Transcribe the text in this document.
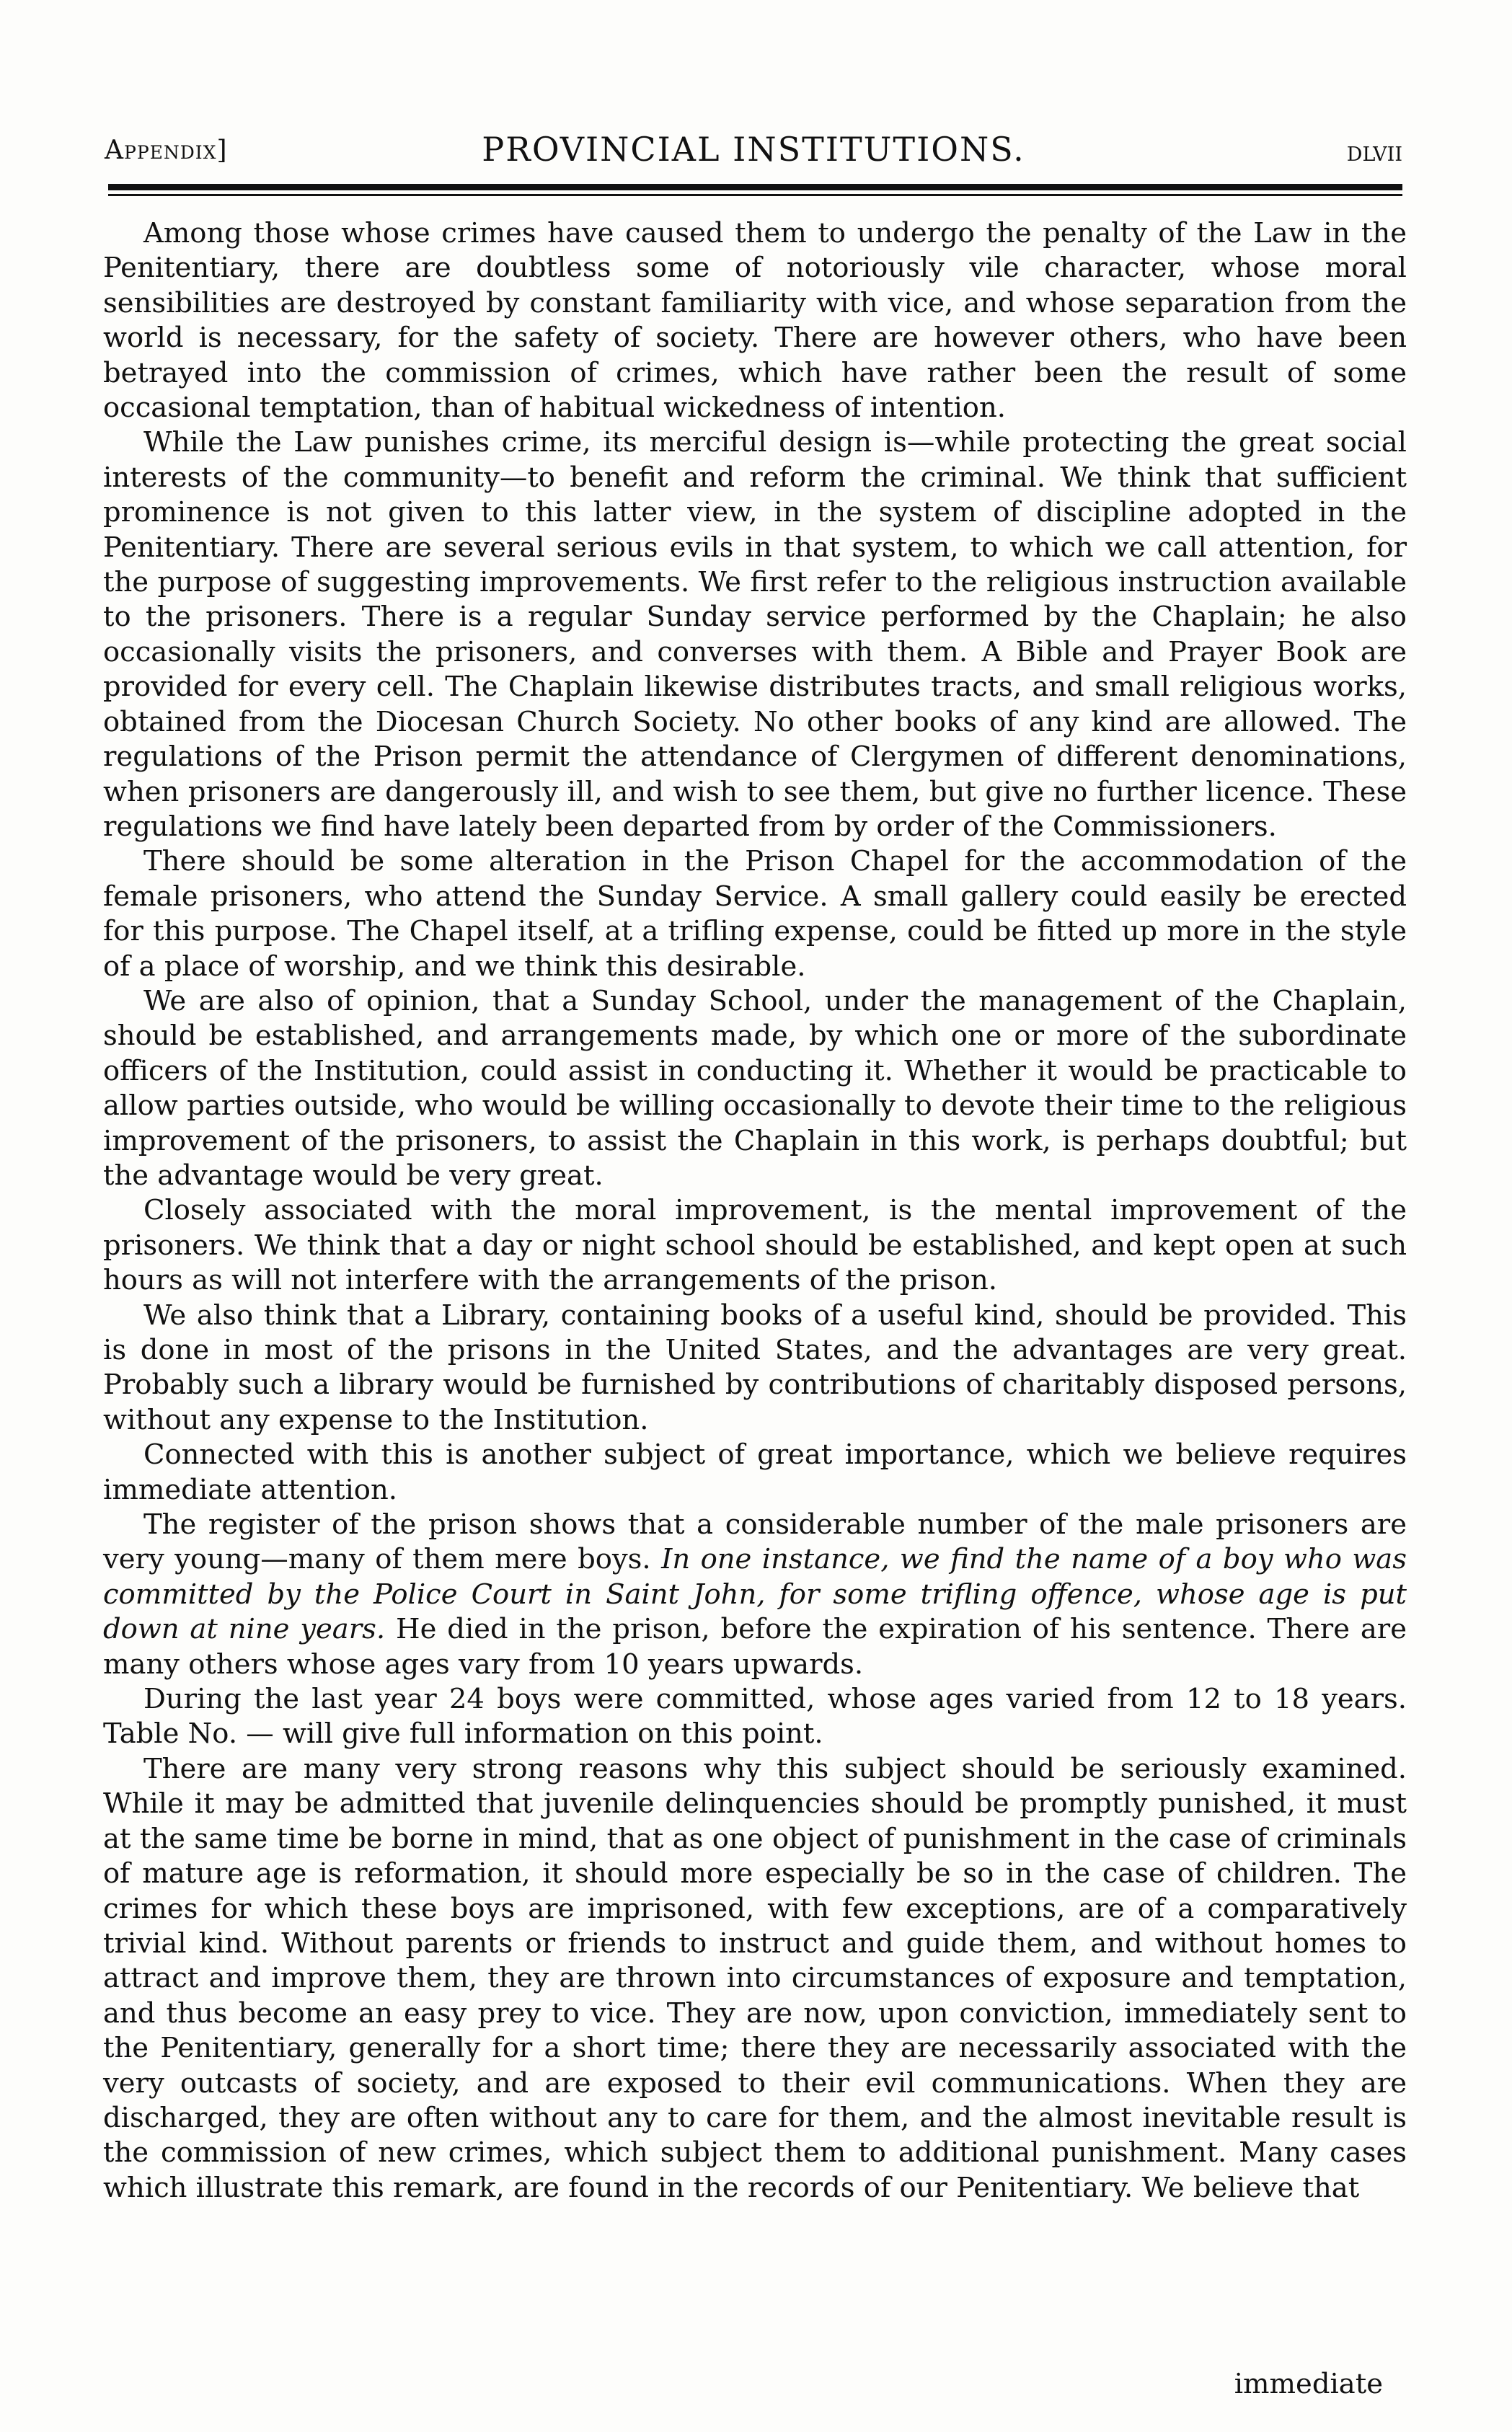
Appendix]	PROVINCIAL INSTITUTIONS.	dlvii

Among those whose crimes have caused them to undergo the penalty of the Law in the Penitentiary, there are doubtless some of notoriously vile character, whose moral sensibilities are destroyed by constant familiarity with vice, and whose separation from the world is necessary, for the safety of society. There are however others, who have been betrayed into the commission of crimes, which have rather been the result of some occasional temptation, than of habitual wickedness of intention.

While the Law punishes crime, its merciful design is—while protecting the great social interests of the community—to benefit and reform the criminal. We think that sufficient prominence is not given to this latter view, in the system of discipline adopted in the Penitentiary. There are several serious evils in that system, to which we call attention, for the purpose of suggesting improvements. We first refer to the religious instruction available to the prisoners. There is a regular Sunday service performed by the Chaplain; he also occasionally visits the prisoners, and converses with them. A Bible and Prayer Book are provided for every cell. The Chaplain likewise distributes tracts, and small religious works, obtained from the Diocesan Church Society. No other books of any kind are allowed. The regulations of the Prison permit the attendance of Clergymen of different denominations, when prisoners are dangerously ill, and wish to see them, but give no further licence. These regulations we find have lately been departed from by order of the Commissioners.

There should be some alteration in the Prison Chapel for the accommodation of the female prisoners, who attend the Sunday Service. A small gallery could easily be erected for this purpose. The Chapel itself, at a trifling expense, could be fitted up more in the style of a place of worship, and we think this desirable.

We are also of opinion, that a Sunday School, under the management of the Chaplain, should be established, and arrangements made, by which one or more of the subordinate officers of the Institution, could assist in conducting it. Whether it would be practicable to allow parties outside, who would be willing occasionally to devote their time to the religious improvement of the prisoners, to assist the Chaplain in this work, is perhaps doubtful; but the advantage would be very great.

Closely associated with the moral improvement, is the mental improvement of the prisoners. We think that a day or night school should be established, and kept open at such hours as will not interfere with the arrangements of the prison.

We also think that a Library, containing books of a useful kind, should be provided. This is done in most of the prisons in the United States, and the advantages are very great. Probably such a library would be furnished by contributions of charitably disposed persons, without any expense to the Institution.

Connected with this is another subject of great importance, which we believe requires immediate attention.

The register of the prison shows that a considerable number of the male prisoners are very young—many of them mere boys. In one instance, we find the name of a boy who was committed by the Police Court in Saint John, for some trifling offence, whose age is put down at nine years. He died in the prison, before the expiration of his sentence. There are many others whose ages vary from 10 years upwards.

During the last year 24 boys were committed, whose ages varied from 12 to 18 years. Table No. — will give full information on this point.

There are many very strong reasons why this subject should be seriously examined. While it may be admitted that juvenile delinquencies should be promptly punished, it must at the same time be borne in mind, that as one object of punishment in the case of criminals of mature age is reformation, it should more especially be so in the case of children. The crimes for which these boys are imprisoned, with few exceptions, are of a comparatively trivial kind. Without parents or friends to instruct and guide them, and without homes to attract and improve them, they are thrown into circumstances of exposure and temptation, and thus become an easy prey to vice. They are now, upon conviction, immediately sent to the Penitentiary, generally for a short time; there they are necessarily associated with the very outcasts of society, and are exposed to their evil communications. When they are discharged, they are often without any to care for them, and the almost inevitable result is the commission of new crimes, which subject them to additional punishment. Many cases which illustrate this remark, are found in the records of our Penitentiary. We believe that

immediate
